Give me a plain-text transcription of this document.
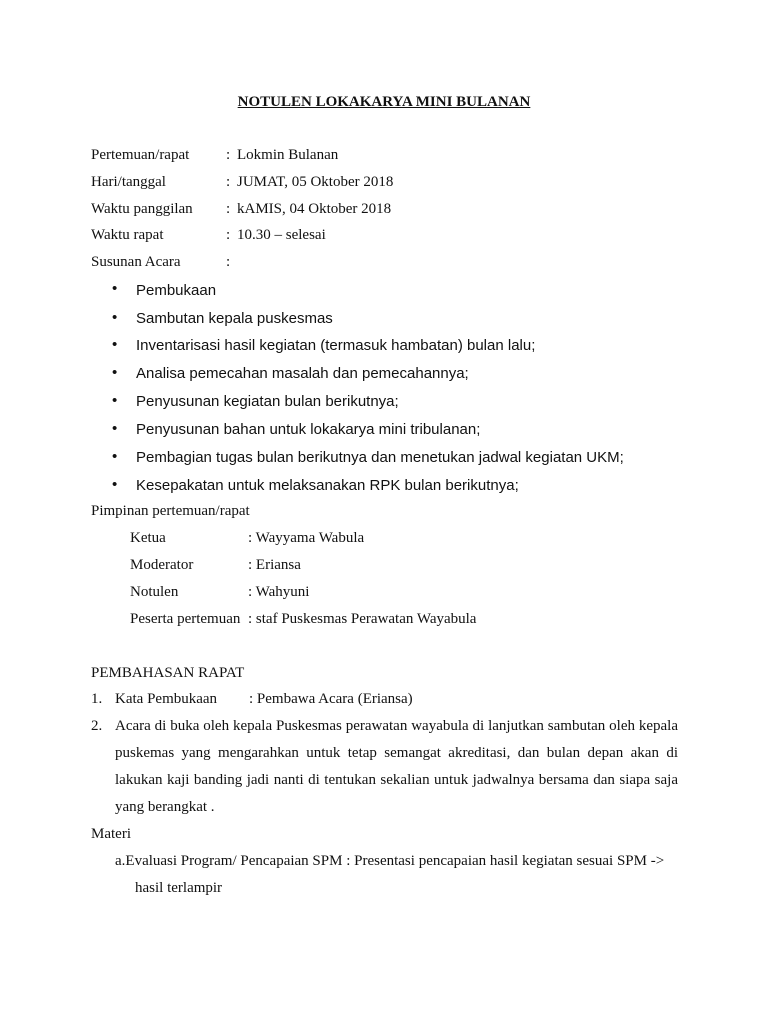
NOTULEN LOKAKARYA MINI BULANAN
Pertemuan/rapat : Lokmin Bulanan
Hari/tanggal	: JUMAT, 05 Oktober 2018
Waktu panggilan : kAMIS, 04 Oktober 2018
Waktu rapat	: 10.30 – selesai
Susunan Acara	:
• Pembukaan
• Sambutan kepala puskesmas
• Inventarisasi hasil kegiatan (termasuk hambatan) bulan lalu;
• Analisa pemecahan masalah dan pemecahannya;
• Penyusunan kegiatan bulan berikutnya;
• Penyusunan bahan untuk lokakarya mini tribulanan;
• Pembagian tugas bulan berikutnya dan menetukan jadwal kegiatan UKM;
• Kesepakatan untuk melaksanakan RPK bulan berikutnya;
Pimpinan pertemuan/rapat
Ketua	: Wayyama Wabula
Moderator	: Eriansa
Notulen	: Wahyuni
Peserta pertemuan : staf Puskesmas Perawatan Wayabula
PEMBAHASAN RAPAT
1. Kata Pembukaan : Pembawa Acara (Eriansa)
2. Acara di buka oleh kepala Puskesmas perawatan wayabula di lanjutkan sambutan oleh kepala
puskemas yang mengarahkan untuk tetap semangat akreditasi, dan bulan depan akan di
lakukan kaji banding jadi nanti di tentukan sekalian untuk jadwalnya bersama dan siapa saja
yang berangkat .
Materi
a.Evaluasi Program/ Pencapaian SPM : Presentasi pencapaian hasil kegiatan sesuai SPM ->
hasil terlampir
